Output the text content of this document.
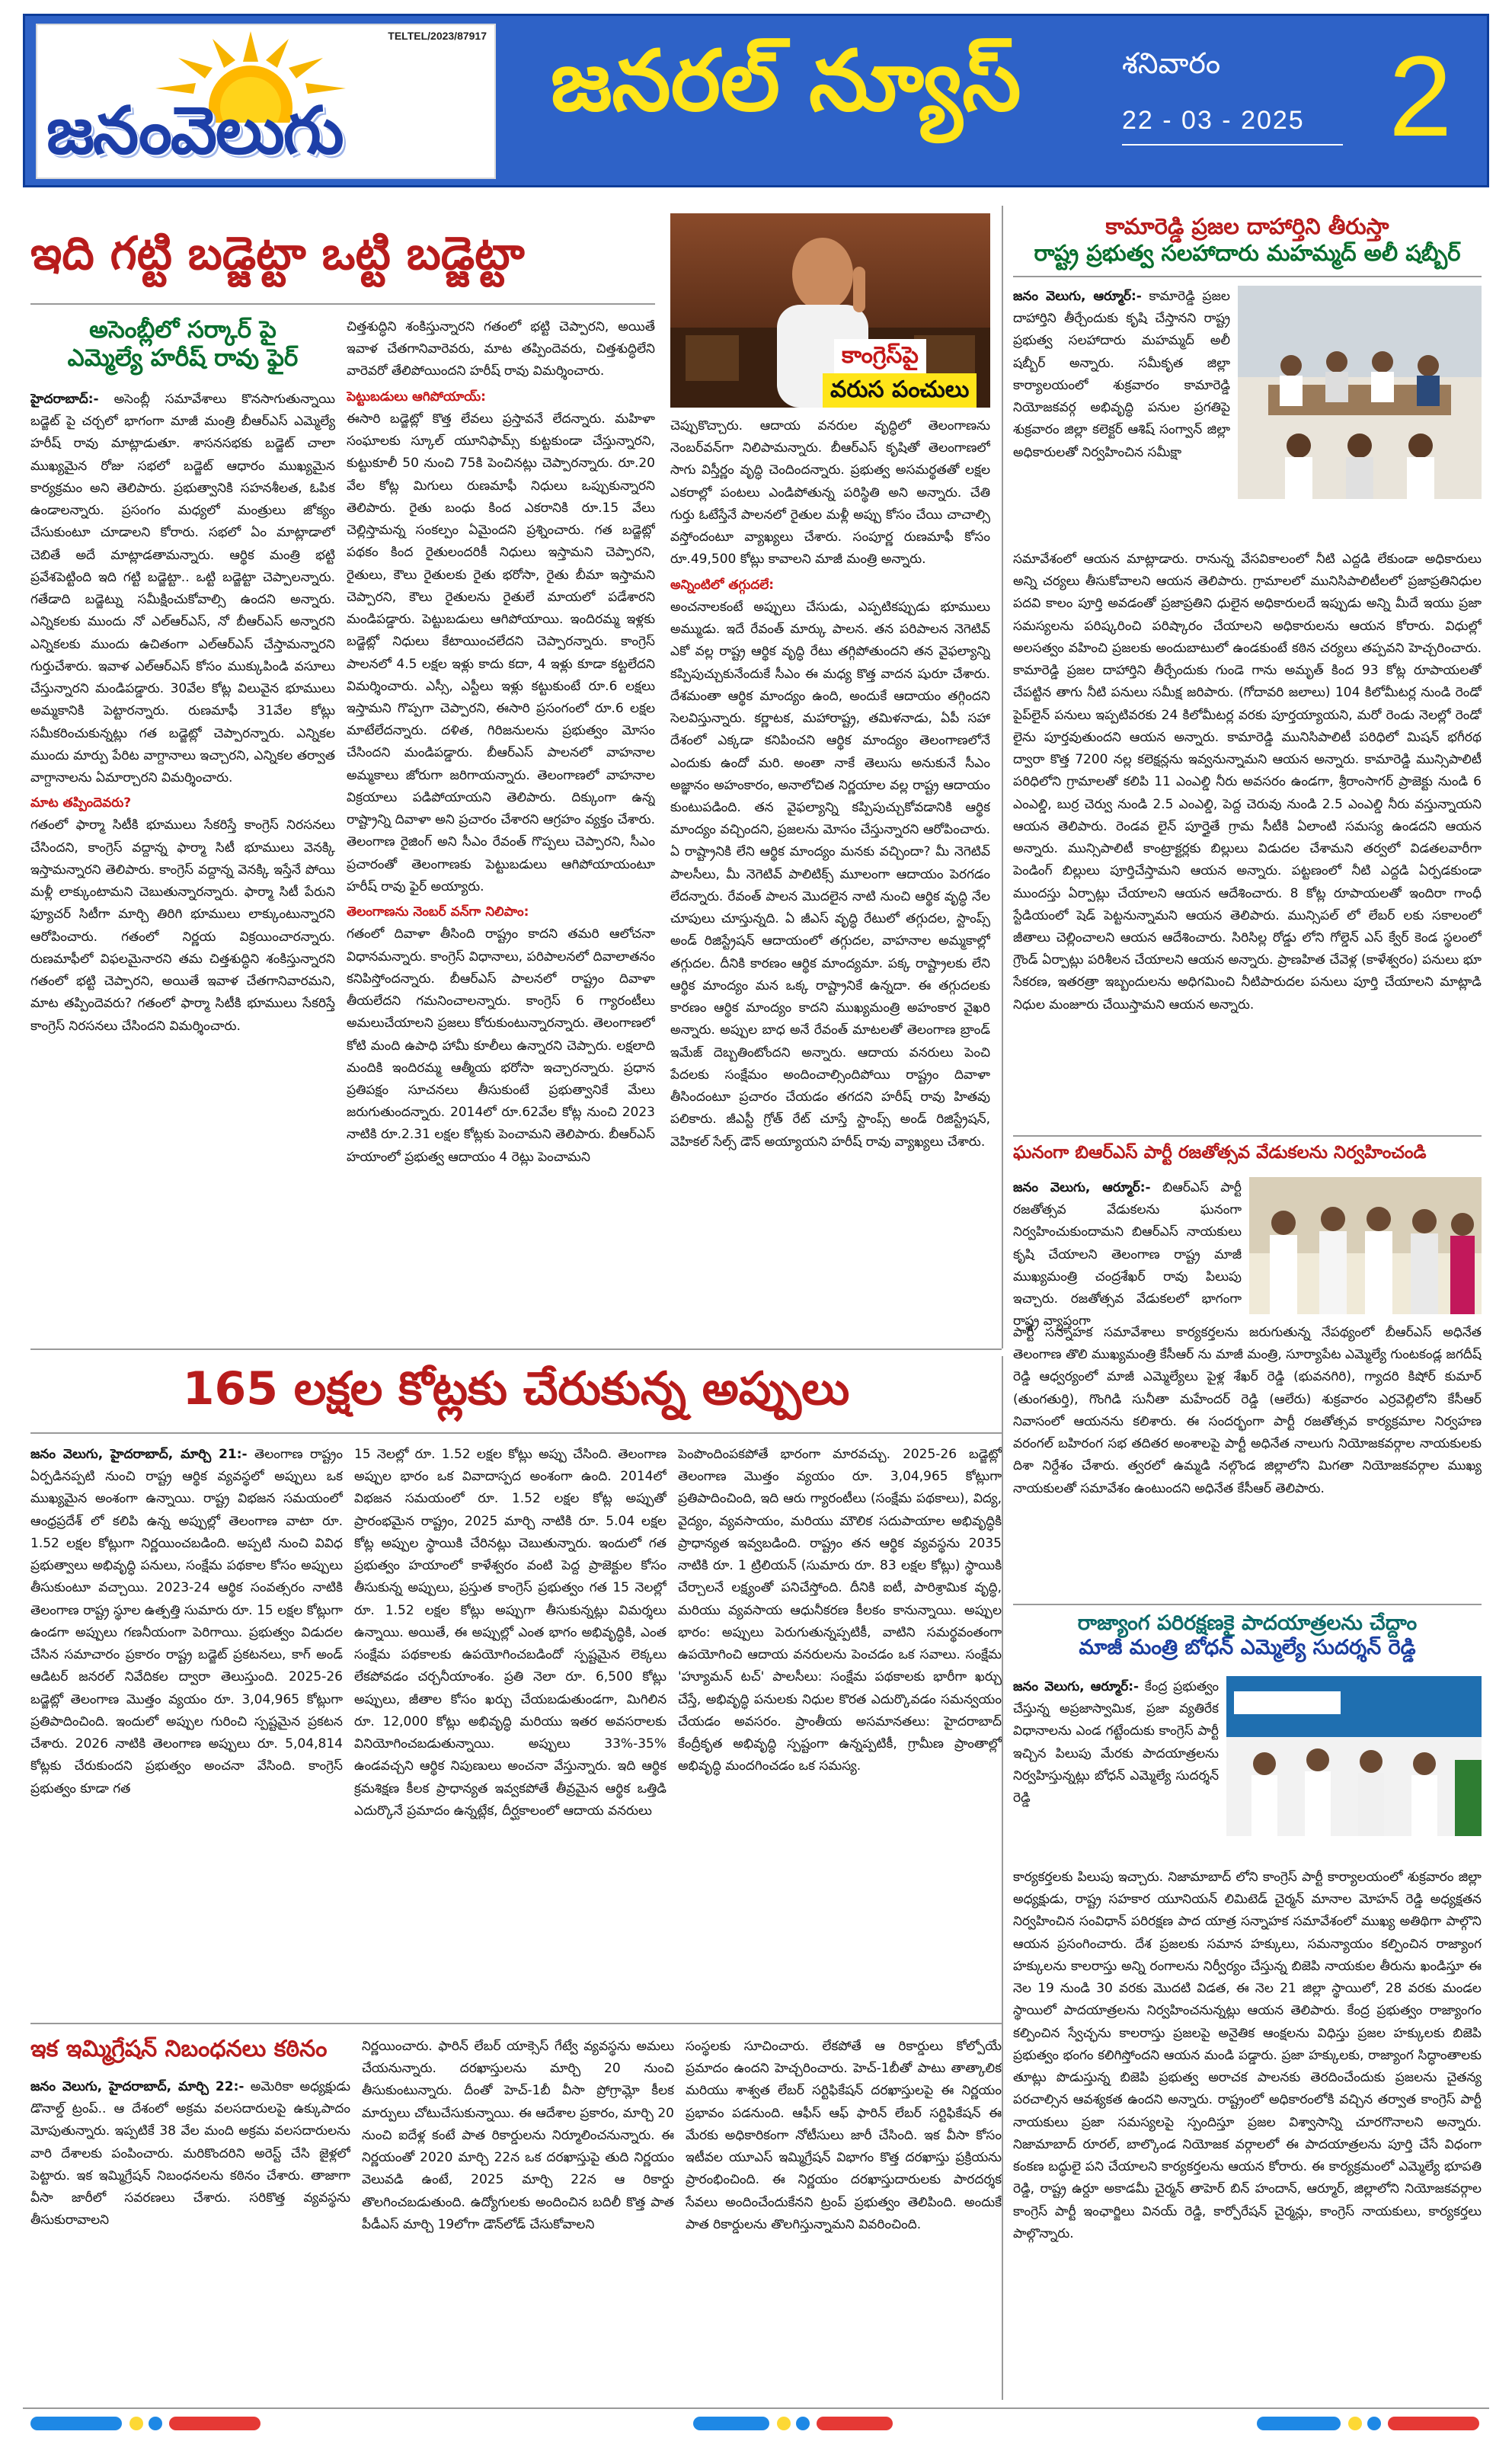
TELTEL/2023/87917
జనంవెలుగు
జనరల్ న్యూస్	శనివారం
22 - 03 - 2025 2
ఇది గట్టి బడ్జెట్టా ఒట్టి బడ్జెట్టా
అసెంబ్లీలో సర్కార్ పై
ఎమ్మెల్యే హరీష్ రావు ఫైర్
హైదరాబాద్:- అసెంబ్లీ సమావేశాలు కొనసాగుతున్నాయి బడ్జెట్ పై చర్చలో భాగంగా మాజీ మంత్రి బీఆర్ఎస్ ఎమ్మెల్యే హరీష్ రావు మాట్లాడుతూ. శాసనసభకు బడ్జెట్ చాలా ముఖ్యమైన రోజు సభలో బడ్జెట్ ఆధారం ముఖ్యమైన కార్యక్రమం అని తెలిపారు. ప్రభుత్వానికి సహనశీలత, ఓపిక ఉండాలన్నారు. ప్రసంగం మధ్యలో మంత్రులు జోక్యం చేసుకుంటూ చూడాలని కోరారు. సభలో ఏం మాట్లాడాలో చెబితే అదే మాట్లాడతామన్నారు. ఆర్థిక మంత్రి భట్టి ప్రవేశపెట్టింది ఇది గట్టి బడ్జెట్టా.. ఒట్టి బడ్జెట్టా చెప్పాలన్నారు. గతేడాది బడ్జెట్ను సమీక్షించుకోవాల్సి ఉందని అన్నారు. ఎన్నికలకు ముందు నో ఎల్ఆర్ఎస్, నో బీఆర్ఎస్ అన్నారని ఎన్నికలకు ముందు ఉచితంగా ఎల్ఆర్ఎస్ చేస్తామన్నారని గుర్తుచేశారు. ఇవాళ ఎల్ఆర్ఎస్ కోసం ముక్కుపిండి వసూలు చేస్తున్నారని మండిపడ్డారు. 30వేల కోట్ల విలువైన భూములు అమ్మకానికి పెట్టారన్నారు. రుణమాఫీ 31వేల కోట్లు సమీకరించుకున్నట్లు గత బడ్జెట్లో చెప్పారన్నారు. ఎన్నికల ముందు మార్పు పేరిట వాగ్దానాలు ఇచ్చారని, ఎన్నికల తర్వాత వాగ్దానాలను ఏమార్చారని విమర్శించారు.
మాట తప్పిందెవరు?
గతంలో ఫార్మా సిటీకి భూములు సేకరిస్తే కాంగ్రెస్ నిరసనలు చేసిందని, కాంగ్రెస్ వద్దాన్న ఫార్మా సిటీ భూములు వెనక్కి ఇస్తామన్నారని తెలిపారు. కాంగ్రెస్ వద్దాన్న వెనక్కి ఇస్తేనే పోయి మళ్లీ లాక్కుంటామని చెబుతున్నారన్నారు. ఫార్మా సిటీ పేరుని ఫ్యూచర్ సిటీగా మార్చి తిరిగి భూములు లాక్కుంటున్నారని ఆరోపించారు. గతంలో నిర్ణయ విక్రయించారన్నారు. రుణమాఫీలో విఫలమైనారని తమ చిత్తశుద్ధిని శంకిస్తున్నారని గతంలో భట్టి చెప్పారని, అయితే ఇవాళ చేతగానివారమని, మాట తప్పిందెవరు? గతంలో ఫార్మా సిటీకి భూములు సేకరిస్తే కాంగ్రెస్ నిరసనలు చేసిందని విమర్శించారు.
చిత్తశుద్ధిని శంకిస్తున్నారని గతంలో భట్టి చెప్పారని, అయితే ఇవాళ చేతగానివారెవరు, మాట తప్పిందెవరు, చిత్తశుద్ధిలేని వారెవరో తేలిపోయిందని హరీష్ రావు విమర్శించారు.
పెట్టుబడులు ఆగిపోయాయ్:
ఈసారి బడ్జెట్లో కొత్త లేవలు ప్రస్తావనే లేదన్నారు. మహిళా సంఘాలకు స్కూల్ యూనిఫామ్స్ కుట్టకుండా చేస్తున్నారని, కుట్టుకూలీ 50 నుంచి 75కి పెంచినట్లు చెప్పారన్నారు. రూ.20 వేల కోట్ల మిగులు రుణమాఫీ నిధులు ఒప్పుకున్నారని తెలిపారు. రైతు బంధు కింద ఎకరానికి రూ.15 వేలు చెల్లిస్తామన్న సంకల్పం ఏమైందని ప్రశ్నించారు. గత బడ్జెట్లో పథకం కింద రైతులందరికీ నిధులు ఇస్తామని చెప్పారని, రైతులు, కౌలు రైతులకు రైతు భరోసా, రైతు బీమా ఇస్తామని చెప్పారని, కౌలు రైతులను రైతులే మాయలో పడేశారని మండిపడ్డారు. పెట్టుబడులు ఆగిపోయాయి. ఇందిరమ్మ ఇళ్లకు బడ్జెట్లో నిధులు కేటాయించలేదని చెప్పారన్నారు. కాంగ్రెస్ పాలనలో 4.5 లక్షల ఇళ్లు కాదు కదా, 4 ఇళ్లు కూడా కట్టలేదని విమర్శించారు. ఎస్సీ, ఎస్టీలు ఇళ్లు కట్టుకుంటే రూ.6 లక్షలు ఇస్తామని గొప్పగా చెప్పారని, ఈసారి ప్రసంగంలో రూ.6 లక్షల మాటేలేదన్నారు. దళిత, గిరిజనులను ప్రభుత్వం మోసం చేసిందని మండిపడ్డారు. బీఆర్ఎస్ పాలనలో వాహనాల అమ్మకాలు జోరుగా జరిగాయన్నారు. తెలంగాణలో వాహనాల విక్రయాలు పడిపోయాయని తెలిపారు. దిక్కుంగా ఉన్న రాష్ట్రాన్ని దివాళా అని ప్రచారం చేశారని ఆగ్రహం వ్యక్తం చేశారు. తెలంగాణ రైజింగ్ అని సీఎం రేవంత్ గొప్పలు చెప్పారని, సీఎం ప్రచారంతో తెలంగాణకు పెట్టుబడులు ఆగిపోయాయంటూ హరీష్ రావు ఫైర్ అయ్యారు.
తెలంగాణను నెంబర్ వన్‌గా నిలిపాం:
గతంలో దివాళా తీసింది రాష్ట్రం కాదని తమరి ఆలోచనా విధానమన్నారు. కాంగ్రెస్ విధానాలు, పరిపాలనలో దివాలాతనం కనిపిస్తోందన్నారు. బీఆర్ఎస్ పాలనలో రాష్ట్రం దివాళా తీయలేదని గమనించాలన్నారు. కాంగ్రెస్ 6 గ్యారంటీలు అమలుచేయాలని ప్రజలు కోరుకుంటున్నారన్నారు. తెలంగాణలో కోటి మంది ఉపాధి హామీ కూలీలు ఉన్నారని చెప్పారు. లక్షలాది మందికి ఇందిరమ్మ ఆత్మీయ భరోసా ఇచ్చారన్నారు. ప్రధాన ప్రతిపక్షం సూచనలు తీసుకుంటే ప్రభుత్వానికే మేలు జరుగుతుందన్నారు. 2014లో రూ.62వేల కోట్ల నుంచి 2023 నాటికి రూ.2.31 లక్షల కోట్లకు పెంచామని తెలిపారు. బీఆర్ఎస్ హయాంలో ప్రభుత్వ ఆదాయం 4 రెట్లు పెంచామని
కాంగ్రెస్‌పై
వరుస పంచులు
చెప్పుకొచ్చారు. ఆదాయ వనరుల వృద్ధిలో తెలంగాణను నెంబర్‌వన్‌గా నిలిపామన్నారు. బీఆర్ఎస్ కృషితో తెలంగాణలో సాగు విస్తీర్ణం వృద్ధి చెందిందన్నారు. ప్రభుత్వ అసమర్థతతో లక్షల ఎకరాల్లో పంటలు ఎండిపోతున్న పరిస్థితి అని అన్నారు. చేతి గుర్తు ఓటేస్తేనే పాలనలో రైతుల మళ్లీ అప్పు కోసం చేయి చాచాల్సి వస్తోందంటూ వ్యాఖ్యలు చేశారు. సంపూర్ణ రుణమాఫీ కోసం రూ.49,500 కోట్లు కావాలని మాజీ మంత్రి అన్నారు.
అన్నింటిలో తగ్గుదలే:
అంచనాలకంటే అప్పులు చేసుడు, ఎప్పటికప్పుడు భూములు అమ్ముడు. ఇదే రేవంత్ మార్కు పాలన. తన పరిపాలన నెగెటివ్ ఎకో వల్ల రాష్ట్ర ఆర్థిక వృద్ధి రేటు తగ్గిపోతుందని తన వైఫల్యాన్ని కప్పిపుచ్చుకునేందుకే సీఎం ఈ మధ్య కొత్త వాదన షురూ చేశారు. దేశమంతా ఆర్థిక మాంద్యం ఉంది, అందుకే ఆదాయం తగ్గిందని సెలవిస్తున్నారు. కర్ణాటక, మహారాష్ట్ర, తమిళనాడు, ఏపీ సహా దేశంలో ఎక్కడా కనిపించని ఆర్థిక మాంద్యం తెలంగాణలోనే ఎందుకు ఉందో మరి. అంతా నాకే తెలుసు అనుకునే సీఎం అజ్ఞానం అహంకారం, అనాలోచిత నిర్ణయాల వల్ల రాష్ట్ర ఆదాయం కుంటుపడింది. తన వైఫల్యాన్ని కప్పిపుచ్చుకోవడానికి ఆర్థిక మాంద్యం వచ్చిందని, ప్రజలను మోసం చేస్తున్నారని ఆరోపించారు. ఏ రాష్ట్రానికి లేని ఆర్థిక మాంద్యం మనకు వచ్చిందా? మీ నెగెటివ్ పాలసీలు, మీ నెగెటివ్ పాలిటిక్స్ మూలంగా ఆదాయం పెరగడం లేదన్నారు. రేవంత్ పాలన మొదలైన నాటి నుంచి ఆర్థిక వృద్ధి నేల చూపులు చూస్తున్నది. ఏ జీఎస్ వృద్ధి రేటులో తగ్గుదల, స్టాంప్స్ అండ్ రిజిస్ట్రేషన్ ఆదాయంలో తగ్గుదల, వాహనాల అమ్మకాల్లో తగ్గుదల. దీనికి కారణం ఆర్థిక మాంద్యమా. పక్క రాష్ట్రాలకు లేని ఆర్థిక మాంద్యం మన ఒక్క రాష్ట్రానికే ఉన్నదా. ఈ తగ్గుదలకు కారణం ఆర్థిక మాంద్యం కాదని ముఖ్యమంత్రి అహంకార వైఖరి అన్నారు. అప్పుల బాధ అనే రేవంత్ మాటలతో తెలంగాణ బ్రాండ్ ఇమేజ్ దెబ్బతింటోందని అన్నారు. ఆదాయ వనరులు పెంచి పేదలకు సంక్షేమం అందించాల్సిందిపోయి రాష్ట్రం దివాళా తీసిందంటూ ప్రచారం చేయడం తగదని హరీష్ రావు హితవు పలికారు. జీఎస్టీ గ్రోత్ రేట్ చూస్తే స్టాంప్స్ అండ్ రిజిస్ట్రేషన్, వెహికల్ సేల్స్ డౌన్ అయ్యాయని హరీష్ రావు వ్యాఖ్యలు చేశారు.
కామారెడ్డి ప్రజల దాహార్తిని తీరుస్తా
రాష్ట్ర ప్రభుత్వ సలహాదారు మహమ్మద్ అలీ షబ్బీర్
జనం వెలుగు, ఆర్మూర్:- కామారెడ్డి ప్రజల దాహార్తిని తీర్చేందుకు కృషి చేస్తానని రాష్ట్ర ప్రభుత్వ సలహాదారు మహమ్మద్ అలీ షబ్బీర్ అన్నారు. సమీకృత జిల్లా కార్యాలయంలో శుక్రవారం కామారెడ్డి నియోజకవర్గ అభివృద్ధి పనుల ప్రగతిపై శుక్రవారం జిల్లా కలెక్టర్ ఆశిష్ సంగ్వాన్ జిల్లా అధికారులతో నిర్వహించిన సమీక్షా
సమావేశంలో ఆయన మాట్లాడారు. రానున్న వేసవికాలంలో నీటి ఎద్దడి లేకుండా అధికారులు అన్ని చర్యలు తీసుకోవాలని ఆయన తెలిపారు. గ్రామాలలో మునిసిపాలిటీలలో ప్రజాప్రతినిధుల పదవి కాలం పూర్తి అవడంతో ప్రజాప్రతిని ధులైన అధికారులదే ఇప్పుడు అన్ని మీదే ఇయు ప్రజా సమస్యలను పరిష్కరించి పరిష్కారం చేయాలని అధికారులను ఆయన కోరారు. విధుల్లో అలసత్వం వహించి ప్రజలకు అందుబాటులో ఉండకుంటే కఠిన చర్యలు తప్పవని హెచ్చరించారు. కామారెడ్డి ప్రజల దాహార్తిని తీర్చేందుకు గుండె గాను అమృత్ కింద 93 కోట్ల రూపాయలతో చేపట్టిన తాగు నీటి పనులు సమీక్ష జరిపారు. (గోదావరి జలాలు) 104 కిలోమీటర్ల నుండి రెండో పైప్‌లైన్ పనులు ఇప్పటివరకు 24 కిలోమీటర్ల వరకు పూర్తయ్యాయని, మరో రెండు నెలల్లో రెండో లైను పూర్తవుతుందని ఆయన అన్నారు. కామారెడ్డి మునిసిపాలిటీ పరిధిలో మిషన్ భగీరథ ద్వారా కొత్త 7200 నల్ల కలెక్షన్లను ఇవ్వనున్నామని ఆయన అన్నారు. కామారెడ్డి మున్సిపాలిటీ పరిధిలోని గ్రామాలతో కలిపి 11 ఎంఎల్డి నీరు అవసరం ఉండగా, శ్రీరాంసాగర్ ప్రాజెక్టు నుండి 6 ఎంఎల్డి, బుర్ర చెర్వు నుండి 2.5 ఎంఎల్డి, పెద్ద చెరువు నుండి 2.5 ఎంఎల్డి నీరు వస్తున్నాయని ఆయన తెలిపారు. రెండవ లైన్ పూర్తైతే గ్రామ సీటీకి ఏలాంటి సమస్య ఉండదని ఆయన అన్నారు. మున్సిపాలిటీ కాంట్రాక్టర్లకు బిల్లులు విడుదల చేశామని తర్వలో విడతలవారీగా పెండింగ్ బిల్లులు పూర్తిచేస్తామని ఆయన అన్నారు. పట్టణంలో నీటి ఎద్దడి ఏర్పడకుండా ముందస్తు ఏర్పాట్లు చేయాలని ఆయన ఆదేశించారు. 8 కోట్ల రూపాయలతో ఇందిరా గాంధీ స్టేడియంలో షెడ్ పెట్టనున్నామని ఆయన తెలిపారు. మున్సిపల్ లో లేబర్ లకు సకాలంలో జీతాలు చెల్లించాలని ఆయన ఆదేశించారు. సిరిసిల్ల రోడ్డు లోని గోల్డెన్ ఎస్ క్వేర్ కెండ స్థలంలో గ్రౌండ్ ఏర్పాట్లు పరిశీలన చేయాలని ఆయన అన్నారు. ప్రాణహిత చేవెళ్ల (కాళేశ్వరం) పనులు భూ సేకరణ, ఇతరత్రా ఇబ్బందులను అధిగమించి నీటిపారుదల పనులు పూర్తి చేయాలని మాట్లాడి నిధుల మంజూరు చేయిస్తామని ఆయన అన్నారు.
ఘనంగా బిఆర్ఎస్ పార్టీ రజతోత్సవ వేడుకలను నిర్వహించండి
జనం వెలుగు, ఆర్మూర్:- బిఆర్ఎస్ పార్టీ రజతోత్సవ వేడుకలను ఘనంగా నిర్వహించుకుందామని బిఆర్ఎస్ నాయకులు కృషి చేయాలని తెలంగాణ రాష్ట్ర మాజీ ముఖ్యమంత్రి చంద్రశేఖర్ రావు పిలుపు ఇచ్చారు. రజతోత్సవ వేడుకలలో భాగంగా రాష్ట్ర వ్యాప్తంగా
165 లక్షల కోట్లకు చేరుకున్న అప్పులు
జనం వెలుగు, హైదరాబాద్, మార్చి 21:- తెలంగాణ రాష్ట్రం ఏర్పడినప్పటి నుంచి రాష్ట్ర ఆర్థిక వ్యవస్థలో అప్పులు ఒక ముఖ్యమైన అంశంగా ఉన్నాయి. రాష్ట్ర విభజన సమయంలో ఆంధ్రప్రదేశ్ లో కలిపి ఉన్న అప్పుల్లో తెలంగాణ వాటా రూ. 1.52 లక్షల కోట్లుగా నిర్ణయించబడింది. అప్పటి నుంచి వివిధ ప్రభుత్వాలు అభివృద్ధి పనులు, సంక్షేమ పథకాల కోసం అప్పులు తీసుకుంటూ వచ్చాయి. 2023-24 ఆర్థిక సంవత్సరం నాటికి తెలంగాణ రాష్ట్ర స్థూల ఉత్పత్తి సుమారు రూ. 15 లక్షల కోట్లుగా ఉండగా అప్పులు గణనీయంగా పెరిగాయి. ప్రభుత్వం విడుదల చేసిన సమాచారం ప్రకారం రాష్ట్ర బడ్జెట్ ప్రకటనలు, కాగ్ అండ్ ఆడిటర్ జనరల్ నివేదికల ద్వారా తెలుస్తుంది. 2025-26 బడ్జెట్లో తెలంగాణ మొత్తం వ్యయం రూ. 3,04,965 కోట్లుగా ప్రతిపాదించింది. ఇందులో అప్పుల గురించి స్పష్టమైన ప్రకటన చేశారు. 2026 నాటికి తెలంగాణ అప్పులు రూ. 5,04,814 కోట్లకు చేరుకుందని ప్రభుత్వం అంచనా వేసింది. కాంగ్రెస్ ప్రభుత్వం కూడా గత
15 నెలల్లో రూ. 1.52 లక్షల కోట్లు అప్పు చేసింది. తెలంగాణ అప్పుల భారం ఒక వివాదాస్పద అంశంగా ఉంది. 2014లో విభజన సమయంలో రూ. 1.52 లక్షల కోట్ల అప్పుతో ప్రారంభమైన రాష్ట్రం, 2025 మార్చి నాటికి రూ. 5.04 లక్షల కోట్ల అప్పుల స్థాయికి చేరినట్లు చెబుతున్నారు. ఇందులో గత ప్రభుత్వం హయాంలో కాళేశ్వరం వంటి పెద్ద ప్రాజెక్టుల కోసం తీసుకున్న అప్పులు, ప్రస్తుత కాంగ్రెస్ ప్రభుత్వం గత 15 నెలల్లో రూ. 1.52 లక్షల కోట్లు అప్పుగా తీసుకున్నట్లు విమర్శలు ఉన్నాయి. అయితే, ఈ అప్పుల్లో ఎంత భాగం అభివృద్ధికి, ఎంత సంక్షేమ పథకాలకు ఉపయోగించబడిందో స్పష్టమైన లెక్కలు లేకపోవడం చర్చనీయాంశం. ప్రతి నెలా రూ. 6,500 కోట్లు అప్పులు, జీతాల కోసం ఖర్చు చేయబడుతుండగా, మిగిలిన రూ. 12,000 కోట్లు అభివృద్ధి మరియు ఇతర అవసరాలకు వినియోగించబడుతున్నాయి. అప్పులు 33%-35% ఉండవచ్చని ఆర్థిక నిపుణులు అంచనా వేస్తున్నారు. ఇది ఆర్థిక క్రమశిక్షణ కీలక ప్రాధాన్యత ఇవ్వకపోతే తీవ్రమైన ఆర్థిక ఒత్తిడి ఎదుర్కొనే ప్రమాదం ఉన్నట్లేక, దీర్ఘకాలంలో ఆదాయ వనరులు
పెంపొందింపకపోతే భారంగా మారవచ్చు. 2025-26 బడ్జెట్లో తెలంగాణ మొత్తం వ్యయం రూ. 3,04,965 కోట్లుగా ప్రతిపాదించింది, ఇది ఆరు గ్యారంటీలు (సంక్షేమ పథకాలు), విద్య, వైద్యం, వ్యవసాయం, మరియు మౌలిక సదుపాయాల అభివృద్ధికి ప్రాధాన్యత ఇవ్వబడింది. రాష్ట్రం తన ఆర్థిక వ్యవస్థను 2035 నాటికి రూ. 1 ట్రిలియన్ (సుమారు రూ. 83 లక్షల కోట్లు) స్థాయికి చేర్చాలనే లక్ష్యంతో పనిచేస్తోంది. దీనికి ఐటీ, పారిశ్రామిక వృద్ధి, మరియు వ్యవసాయ ఆధునీకరణ కీలకం కానున్నాయి. అప్పుల భారం: అప్పులు పెరుగుతున్నప్పటికీ, వాటిని సమర్థవంతంగా ఉపయోగించి ఆదాయ వనరులను పెంచడం ఒక సవాలు. సంక్షేమ 'హ్యూమన్ టచ్' పాలసీలు: సంక్షేమ పథకాలకు భారీగా ఖర్చు చేస్తే, అభివృద్ధి పనులకు నిధుల కొరత ఎదుర్కొవడం సమన్వయం చేయడం అవసరం. ప్రాంతీయ అసమానతలు: హైదరాబాద్ కేంద్రీకృత అభివృద్ధి స్పష్టంగా ఉన్నప్పటికీ, గ్రామీణ ప్రాంతాల్లో అభివృద్ధి మందగించడం ఒక సమస్య.
పార్టీ సన్నాహక సమావేశాలు కార్యకర్తలను జరుగుతున్న నేపథ్యంలో బీఆర్ఎస్ అధినేత తెలంగాణ తొలి ముఖ్యమంత్రి కేసీఆర్ ను మాజీ మంత్రి, సూర్యాపేట ఎమ్మెల్యే గుంటకండ్ల జగదీష్ రెడ్డి ఆధ్వర్యంలో మాజీ ఎమ్మెల్యేలు పైళ్ల శేఖర్ రెడ్డి (భువనగిరి), గ్యాదరి కిషోర్ కుమార్ (తుంగతుర్తి), గొంగిడి సునీతా మహేందర్ రెడ్డి (ఆలేరు) శుక్రవారం ఎర్రవెల్లిలోని కేసీఆర్ నివాసంలో ఆయనను కలిశారు. ఈ సందర్భంగా పార్టీ రజతోత్సవ కార్యక్రమాల నిర్వహణ వరంగల్ బహిరంగ సభ తదితర అంశాలపై పార్టీ అధినేత నాలుగు నియోజకవర్గాల నాయకులకు దిశా నిర్దేశం చేశారు. త్వరలో ఉమ్మడి నల్గొండ జిల్లాలోని మిగతా నియోజకవర్గాల ముఖ్య నాయకులతో సమావేశం ఉంటుందని అధినేత కేసీఆర్ తెలిపారు.
రాజ్యాంగ పరిరక్షణకై పాదయాత్రలను చేద్దాం
మాజీ మంత్రి బోధన్ ఎమ్మెల్యే సుదర్శన్ రెడ్డి
జనం వెలుగు, ఆర్మూర్:- కేంద్ర ప్రభుత్వం చేస్తున్న అప్రజాస్వామిక, ప్రజా వ్యతిరేక విధానాలను ఎండ గట్టేందుకు కాంగ్రెస్ పార్టీ ఇచ్చిన పిలుపు మేరకు పాదయాత్రలను నిర్వహిస్తున్నట్లు బోధన్ ఎమ్మెల్యే సుదర్శన్ రెడ్డి
కార్యకర్తలకు పిలుపు ఇచ్చారు. నిజామాబాద్ లోని కాంగ్రెస్ పార్టీ కార్యాలయంలో శుక్రవారం జిల్లా అధ్యక్షుడు, రాష్ట్ర సహకార యూనియన్ లిమిటెడ్ చైర్మన్ మానాల మోహన్ రెడ్డి అధ్యక్షతన నిర్వహించిన సంవిధాన్ పరిరక్షణ పాద యాత్ర సన్నాహక సమావేశంలో ముఖ్య అతిథిగా పాల్గొని ఆయన ప్రసంగించారు. దేశ ప్రజలకు సమాన హక్కులు, సమన్యాయం కల్పించిన రాజ్యాంగ హక్కులను కాలరాస్తు అన్ని రంగాలను నిర్వీర్యం చేస్తున్న బిజెపి నాయకుల తీరును ఖండిస్తూ ఈ నెల 19 నుండి 30 వరకు మొదటి విడత, ఈ నెల 21 జిల్లా స్థాయిలో, 28 వరకు మండల స్థాయిలో పాదయాత్రలను నిర్వహించనున్నట్లు ఆయన తెలిపారు. కేంద్ర ప్రభుత్వం రాజ్యాంగం కల్పించిన స్వేచ్ఛను కాలరాస్తు ప్రజలపై అనైతిక ఆంక్షలను విధిస్తు ప్రజల హక్కులకు బిజెపి ప్రభుత్వం భంగం కలిగిస్తోందని ఆయన మండి పడ్డారు. ప్రజా హక్కులకు, రాజ్యాంగ సిద్ధాంతాలకు తూట్లు పొడుస్తున్న బిజెపి ప్రభుత్వ అరాచక పాలనకు తెరదించేందుకు ప్రజలను చైతన్య పరచాల్సిన ఆవశ్యకత ఉందని అన్నారు. రాష్ట్రంలో అధికారంలోకి వచ్చిన తర్వాత కాంగ్రెస్ పార్టీ నాయకులు ప్రజా సమస్యలపై స్పందిస్తూ ప్రజల విశ్వాసాన్ని చూరగొనాలని అన్నారు. నిజామాబాద్ రూరల్, బాల్కొండ నియోజక వర్గాలలో ఈ పాదయాత్రలను పూర్తి చేసే విధంగా కంకణ బద్ధులై పని చేయాలని కార్యకర్తలను ఆయన కోరారు. ఈ కార్యక్రమంలో ఎమ్మెల్యే భూపతి రెడ్డి, రాష్ట్ర ఉర్దూ అకాడమీ చైర్మన్ తాహెర్ బిన్ హందాన్, ఆర్మూర్, జిల్లాలోని నియోజకవర్గాల కాంగ్రెస్ పార్టీ ఇంఛార్జిలు వినయ్ రెడ్డి, కార్పోరేషన్ చైర్మన్లు, కాంగ్రెస్ నాయకులు, కార్యకర్తలు పాల్గొన్నారు.
ఇక ఇమ్మిగ్రేషన్ నిబంధనలు కఠినం
జనం వెలుగు, హైదరాబాద్, మార్చి 22:- అమెరికా అధ్యక్షుడు డొనాల్డ్ ట్రంప్.. ఆ దేశంలో అక్రమ వలసదారులపై ఉక్కుపాదం మోపుతున్నారు. ఇప్పటికే 38 వేల మంది అక్రమ వలసదారులను వారి దేశాలకు పంపించారు. మరికొందరిని అరెస్ట్ చేసి జైళ్లలో పెట్టారు. ఇక ఇమ్మిగ్రేషన్ నిబంధనలను కఠినం చేశారు. తాజాగా వీసా జారీలో సవరణలు చేశారు. సరికొత్త వ్యవస్థను తీసుకురావాలని
నిర్ణయించారు. ఫారిన్ లేబర్ యాక్సెస్ గేట్వే వ్యవస్థను అమలు చేయనున్నారు. దరఖాస్తులను మార్చి 20 నుంచి తీసుకుంటున్నారు. దీంతో హెచ్-1బీ వీసా ప్రోగ్రామ్లో కీలక మార్పులు చోటుచేసుకున్నాయి. ఈ ఆదేశాల ప్రకారం, మార్చి 20 నుంచి ఐదేళ్ల కంటే పాత రికార్డులను నిర్మూలించనున్నారు. ఈ నిర్ణయంతో 2020 మార్చి 22న ఒక దరఖాస్తుపై తుది నిర్ణయం వెలువడి ఉంటే, 2025 మార్చి 22న ఆ రికార్డు తొలగించబడుతుంది. ఉద్యోగులకు అందించిన బదిలీ కొత్త పాత పీడీఎస్ మార్చి 19లోగా డౌన్‌లోడ్ చేసుకోవాలని
సంస్థలకు సూచించారు. లేకపోతే ఆ రికార్డులు కోల్పోయే ప్రమాదం ఉందని హెచ్చరించారు. హెచ్-1బీతో పాటు తాత్కాలిక మరియు శాశ్వత లేబర్ సర్టిఫికేషన్ దరఖాస్తులపై ఈ నిర్ణయం ప్రభావం పడనుంది. ఆఫీస్ ఆఫ్ ఫారిన్ లేబర్ సర్టిఫికేషన్ ఈ మేరకు అధికారికంగా నోటీసులు జారీ చేసింది. ఇక వీసా కోసం ఇటీవల యూఎస్ ఇమ్మిగ్రేషన్ విభాగం కొత్త దరఖాస్తు ప్రక్రియను ప్రారంభించింది. ఈ నిర్ణయం దరఖాస్తుదారులకు పారదర్శక సేవలు అందించేందుకేనని ట్రంప్ ప్రభుత్వం తెలిపింది. అందుకే పాత రికార్డులను తొలగిస్తున్నామని వివరించింది.
